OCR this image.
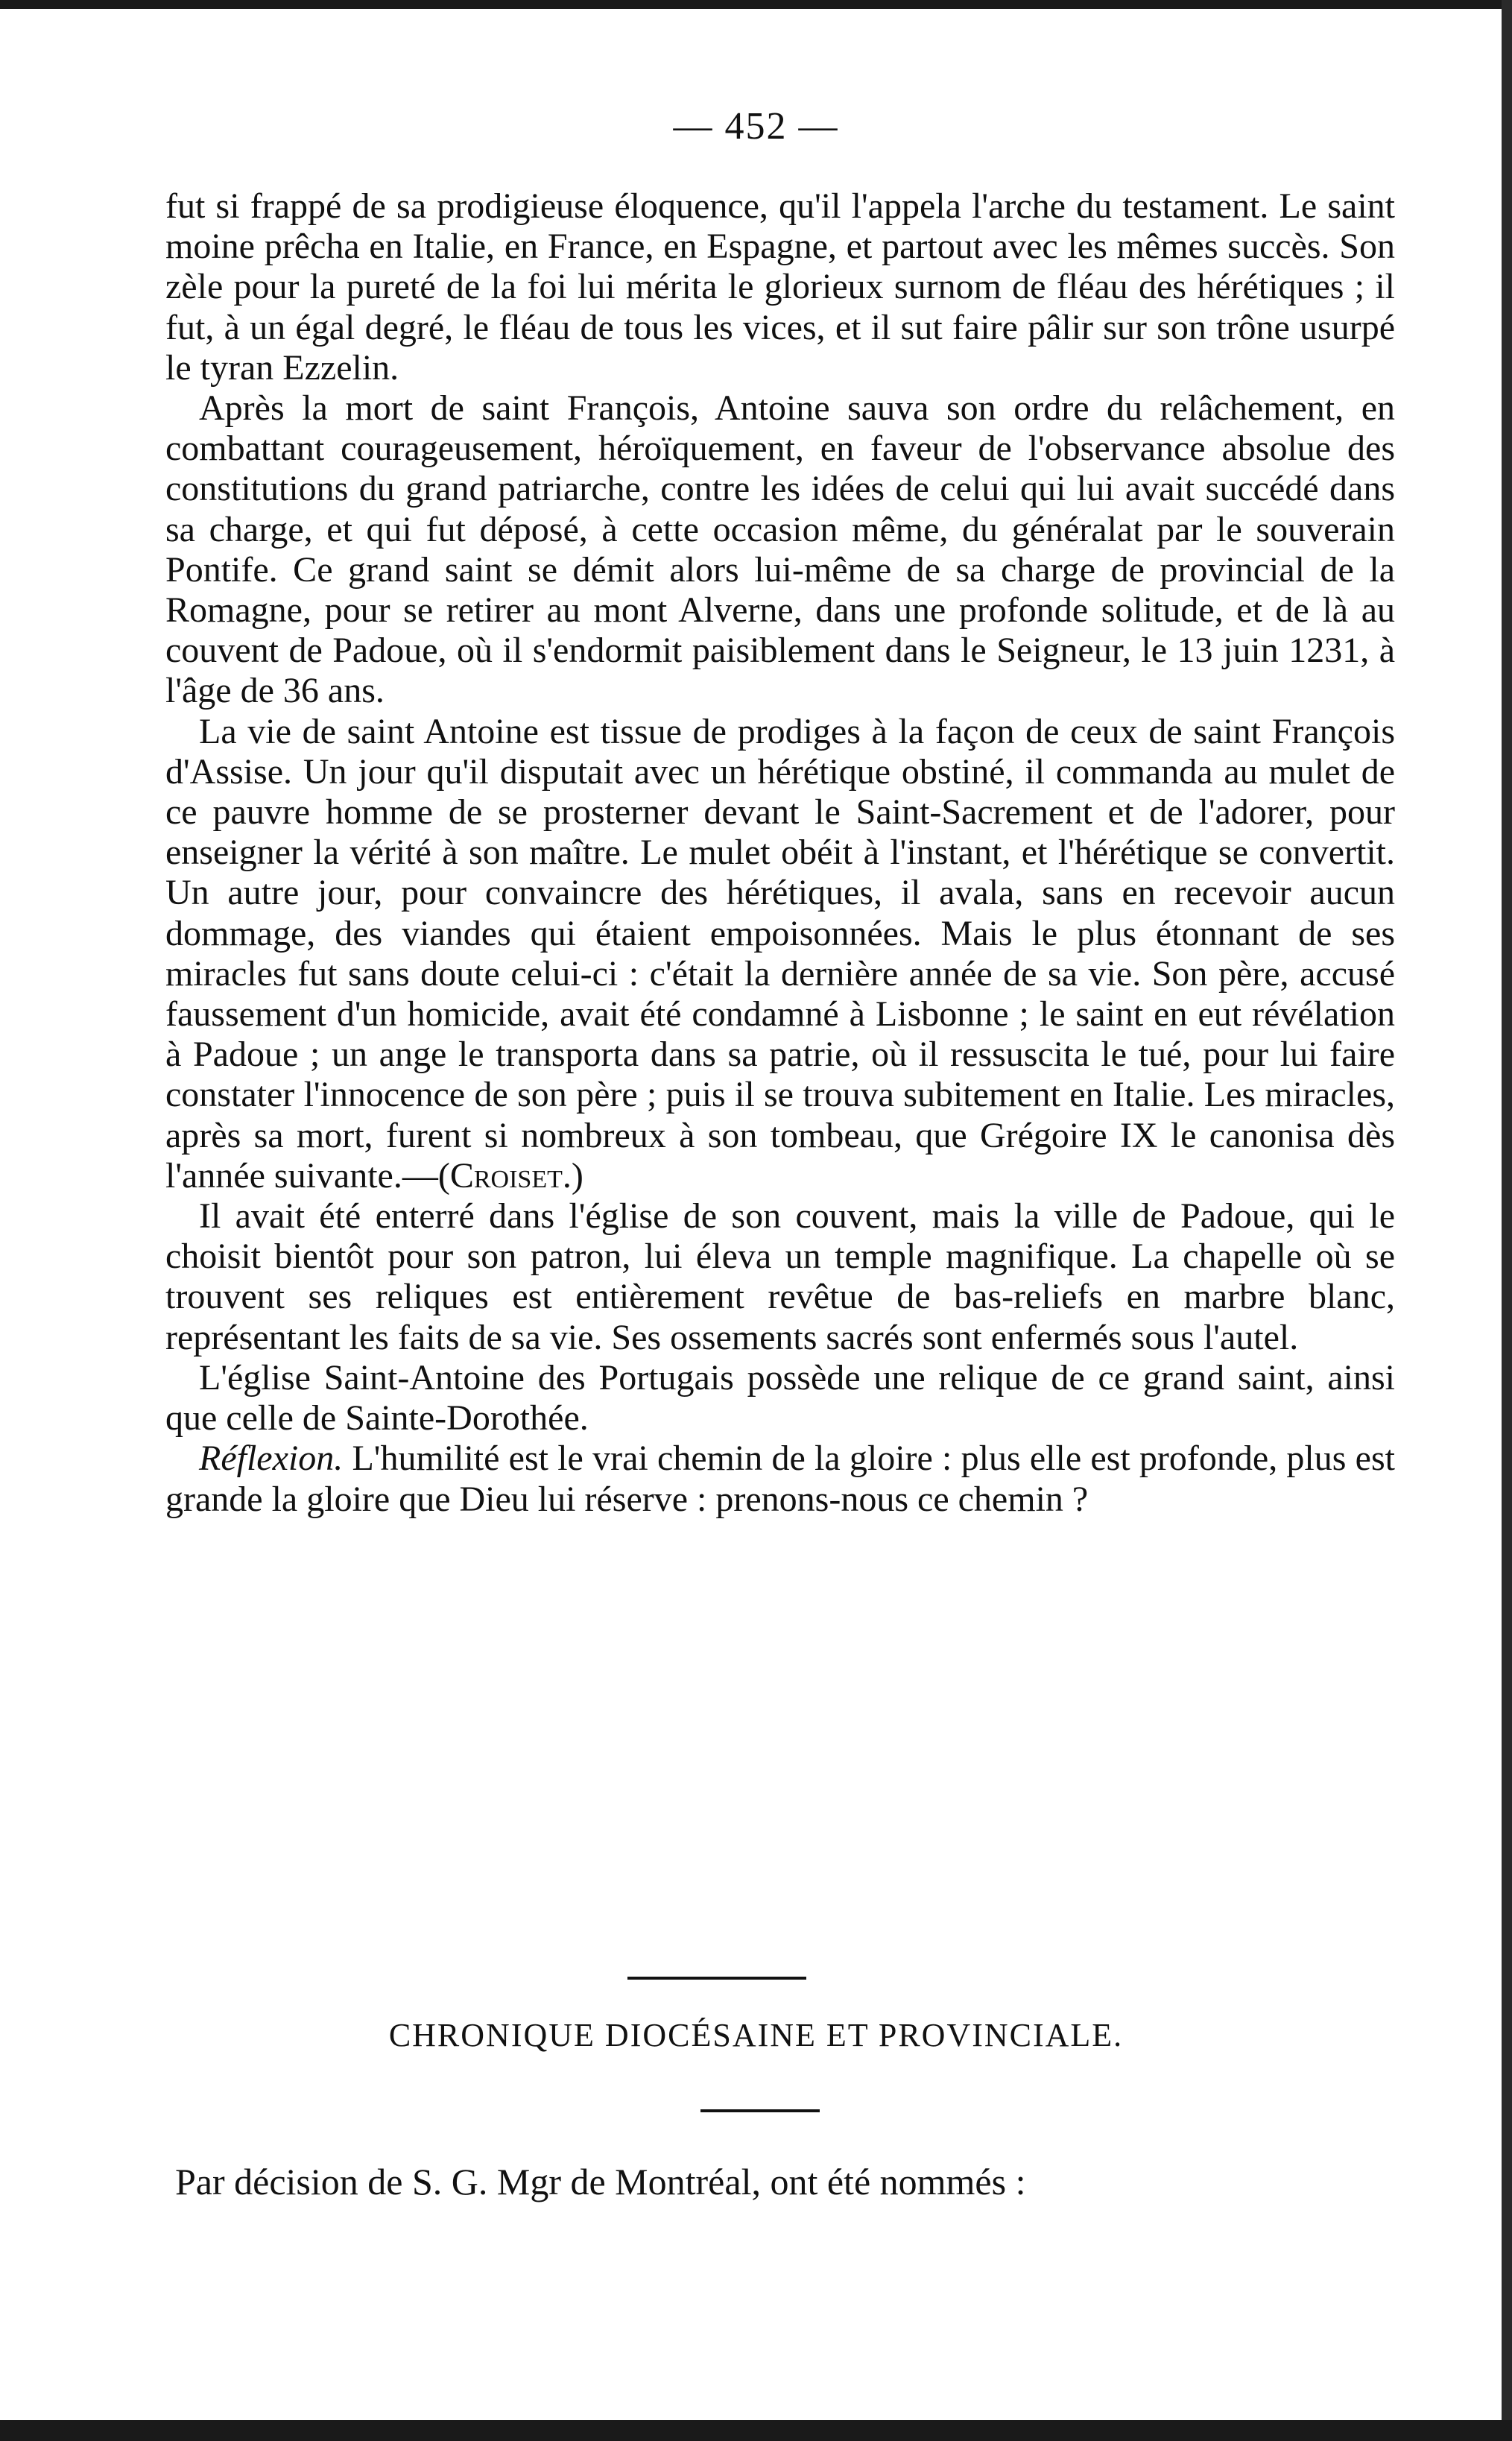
— 452 —

fut si frappé de sa prodigieuse éloquence, qu'il l'appela l'arche du testament. Le saint moine prêcha en Italie, en France, en Espagne, et partout avec les mêmes succès. Son zèle pour la pureté de la foi lui mérita le glorieux surnom de fléau des hérétiques ; il fut, à un égal degré, le fléau de tous les vices, et il sut faire pâlir sur son trône usurpé le tyran Ezzelin.

Après la mort de saint François, Antoine sauva son ordre du relâchement, en combattant courageusement, héroïquement, en faveur de l'observance absolue des constitutions du grand patriarche, contre les idées de celui qui lui avait succédé dans sa charge, et qui fut déposé, à cette occasion même, du généralat par le souverain Pontife. Ce grand saint se démit alors lui-même de sa charge de provincial de la Romagne, pour se retirer au mont Alverne, dans une profonde solitude, et de là au couvent de Padoue, où il s'endormit paisiblement dans le Seigneur, le 13 juin 1231, à l'âge de 36 ans.

La vie de saint Antoine est tissue de prodiges à la façon de ceux de saint François d'Assise. Un jour qu'il disputait avec un hérétique obstiné, il commanda au mulet de ce pauvre homme de se prosterner devant le Saint-Sacrement et de l'adorer, pour enseigner la vérité à son maître. Le mulet obéit à l'instant, et l'hérétique se convertit. Un autre jour, pour convaincre des hérétiques, il avala, sans en recevoir aucun dommage, des viandes qui étaient empoisonnées. Mais le plus étonnant de ses miracles fut sans doute celui-ci : c'était la dernière année de sa vie. Son père, accusé faussement d'un homicide, avait été condamné à Lisbonne ; le saint en eut révélation à Padoue ; un ange le transporta dans sa patrie, où il ressuscita le tué, pour lui faire constater l'innocence de son père ; puis il se trouva subitement en Italie. Les miracles, après sa mort, furent si nombreux à son tombeau, que Grégoire IX le canonisa dès l'année suivante.—(Croiset.)

Il avait été enterré dans l'église de son couvent, mais la ville de Padoue, qui le choisit bientôt pour son patron, lui éleva un temple magnifique. La chapelle où se trouvent ses reliques est entièrement revêtue de bas-reliefs en marbre blanc, représentant les faits de sa vie. Ses ossements sacrés sont enfermés sous l'autel.

L'église Saint-Antoine des Portugais possède une relique de ce grand saint, ainsi que celle de Sainte-Dorothée.

Réflexion. L'humilité est le vrai chemin de la gloire : plus elle est profonde, plus est grande la gloire que Dieu lui réserve : prenons-nous ce chemin ?

CHRONIQUE DIOCÉSAINE ET PROVINCIALE.
Par décision de S. G. Mgr de Montréal, ont été nommés :
